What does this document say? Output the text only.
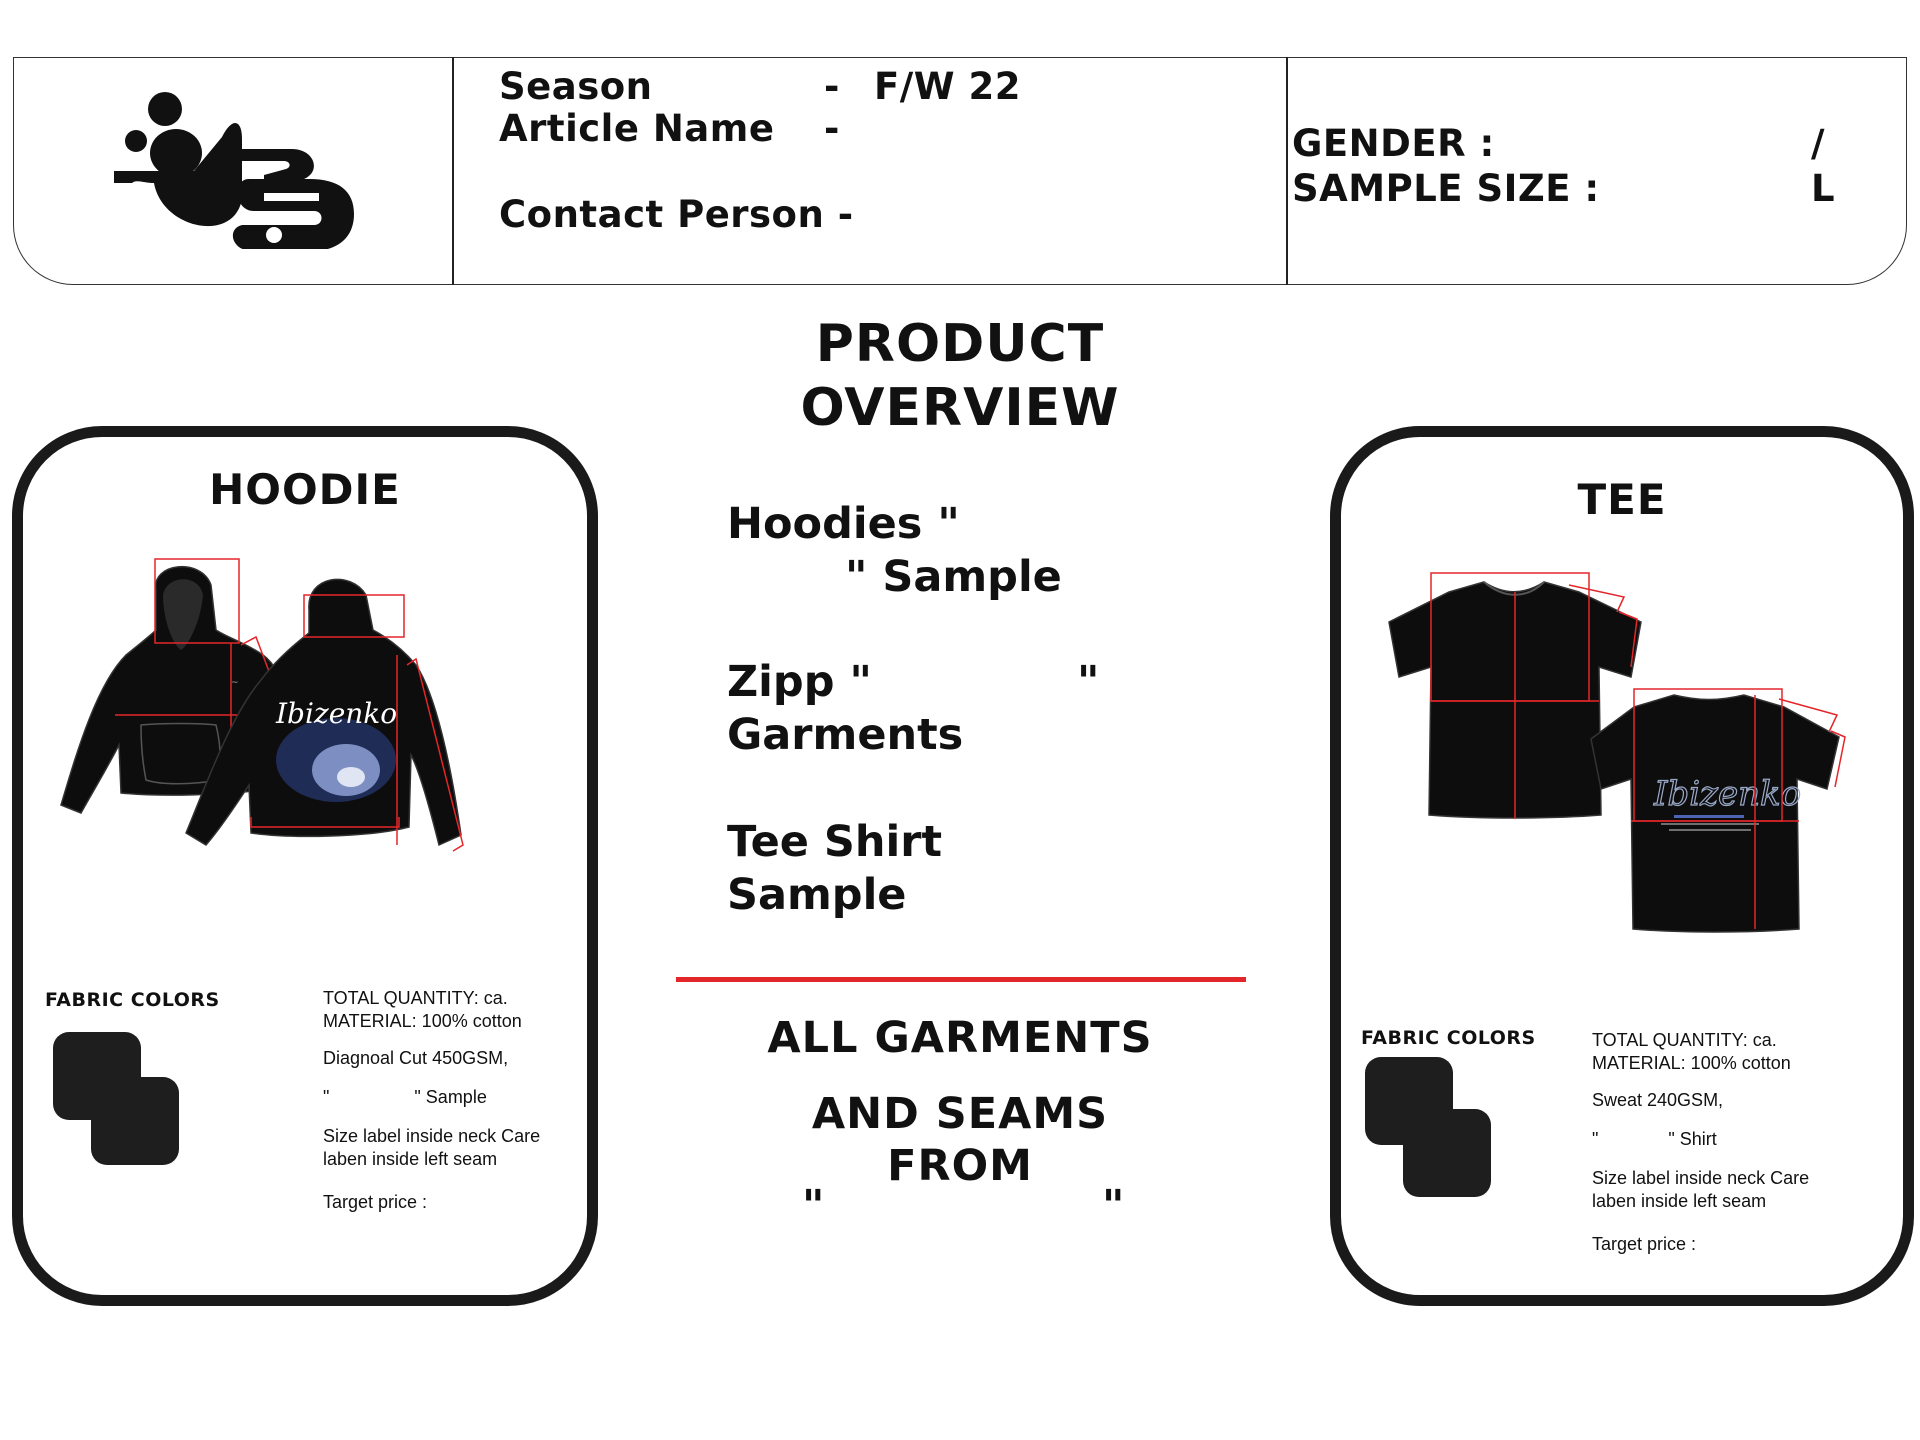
Season	- F/W 22
Article Name -
Contact Person -
GENDER :	/
SAMPLE SIZE :	L
PRODUCT
OVERVIEW
Hoodies "
" Sample
Zipp "	"
Garments
Tee Shirt
Sample
ALL GARMENTS
AND SEAMS
FROM
"	"
HOODIE
~
Ibizenko
FABRIC COLORS	TOTAL QUANTITY: ca.
MATERIAL: 100% cotton
Diagnoal Cut 450GSM,
"                 " Sample
Size label inside neck Care
laben inside left seam
Target price :
TEE
Ibizenko
FABRIC COLORS	TOTAL QUANTITY: ca.
MATERIAL: 100% cotton
Sweat 240GSM,
"              " Shirt
Size label inside neck Care
laben inside left seam
Target price :
